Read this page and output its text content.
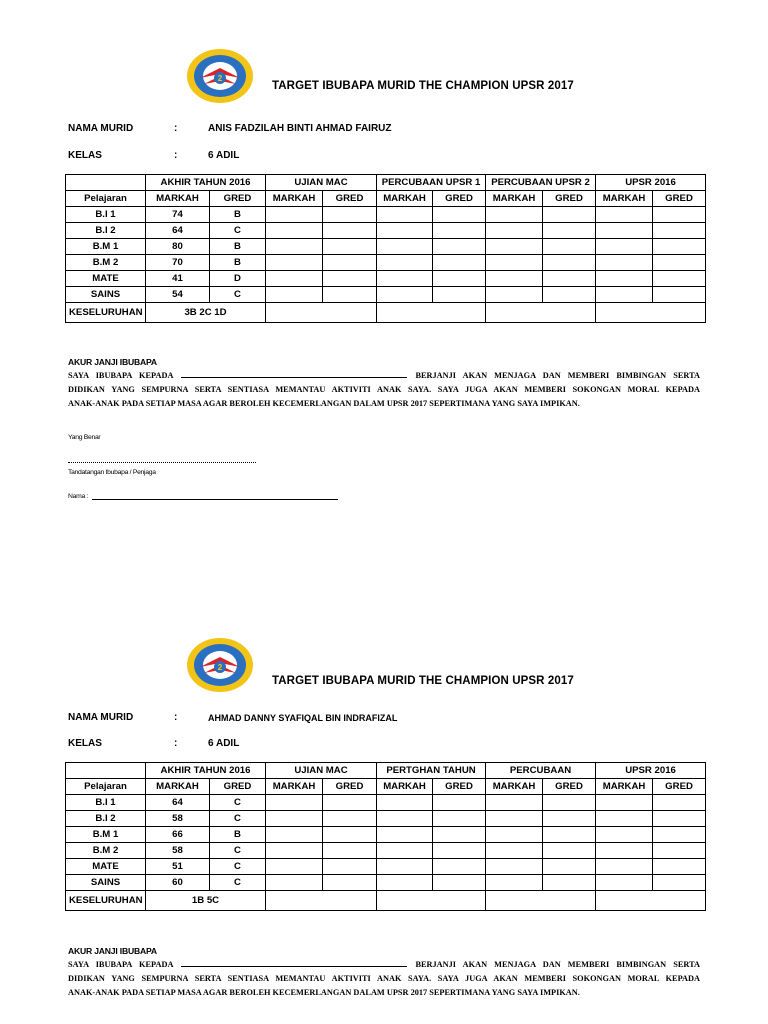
2
TARGET IBUBAPA MURID THE CHAMPION UPSR 2017
NAMA MURID	:	ANIS FADZILAH BINTI AHMAD FAIRUZ
KELAS	:	6 ADIL
	AKHIR TAHUN 2016		UJIAN MAC		PERCUBAAN UPSR 1		PERCUBAAN UPSR 2		UPSR 2016	
Pelajaran	MARKAH	GRED	MARKAH	GRED	MARKAH	GRED	MARKAH	GRED	MARKAH	GRED
B.I 1	74	B								
B.I 2	64	C								
B.M 1	80	B								
B.M 2	70	B								
MATE	41	D								
SAINS	54	C								
KESELURUHAN	3B 2C 1D									
AKUR JANJI IBUBAPA
SAYA IBUBAPA KEPADA	BERJANJI AKAN MENJAGA DAN MEMBERI BIMBINGAN SERTA
DIDIKAN YANG SEMPURNA SERTA SENTIASA MEMANTAU AKTIVITI ANAK SAYA. SAYA JUGA AKAN MEMBERI SOKONGAN MORAL KEPADA
ANAK-ANAK PADA SETIAP MASA AGAR BEROLEH KECEMERLANGAN DALAM UPSR 2017 SEPERTIMANA YANG SAYA IMPIKAN.
Yang Benar
Tandatangan Ibubapa / Penjaga
Nama :
2
TARGET IBUBAPA MURID THE CHAMPION UPSR 2017
NAMA MURID	:	AHMAD DANNY SYAFIQAL BIN INDRAFIZAL
KELAS	:	6 ADIL
	AKHIR TAHUN 2016		UJIAN MAC		PERTGHAN TAHUN		PERCUBAAN		UPSR 2016	
Pelajaran	MARKAH	GRED	MARKAH	GRED	MARKAH	GRED	MARKAH	GRED	MARKAH	GRED
B.I 1	64	C								
B.I 2	58	C								
B.M 1	66	B								
B.M 2	58	C								
MATE	51	C								
SAINS	60	C								
KESELURUHAN	1B 5C									
AKUR JANJI IBUBAPA
SAYA IBUBAPA KEPADA	BERJANJI AKAN MENJAGA DAN MEMBERI BIMBINGAN SERTA
DIDIKAN YANG SEMPURNA SERTA SENTIASA MEMANTAU AKTIVITI ANAK SAYA. SAYA JUGA AKAN MEMBERI SOKONGAN MORAL KEPADA
ANAK-ANAK PADA SETIAP MASA AGAR BEROLEH KECEMERLANGAN DALAM UPSR 2017 SEPERTIMANA YANG SAYA IMPIKAN.
